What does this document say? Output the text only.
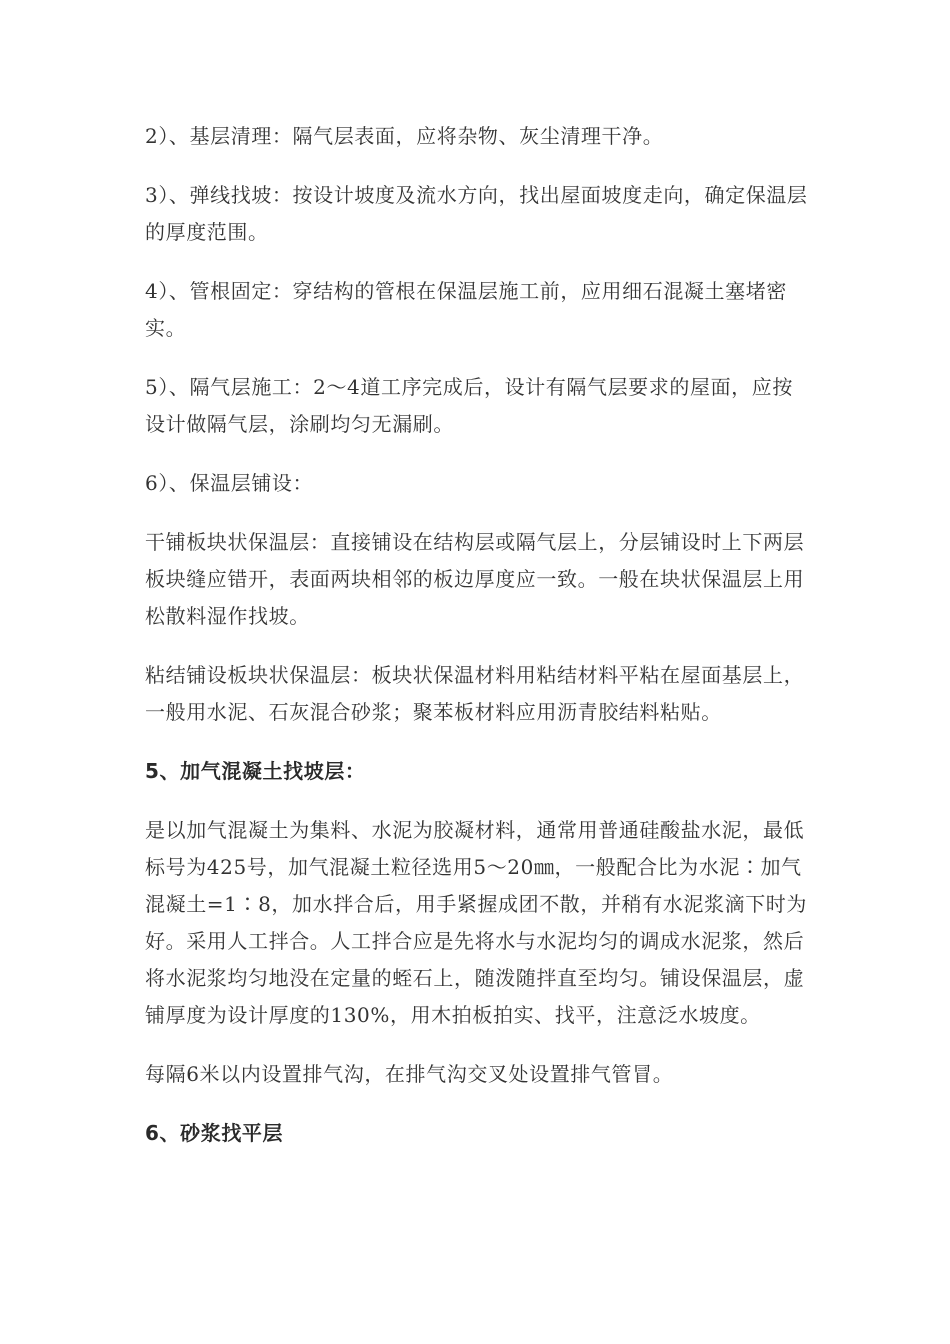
2）、基层清理：隔气层表面，应将杂物、灰尘清理干净。

3）、弹线找坡：按设计坡度及流水方向，找出屋面坡度走向，确定保温层的厚度范围。

4）、管根固定：穿结构的管根在保温层施工前，应用细石混凝土塞堵密实。

5）、隔气层施工：2～4道工序完成后，设计有隔气层要求的屋面，应按设计做隔气层，涂刷均匀无漏刷。

6）、保温层铺设：

干铺板块状保温层：直接铺设在结构层或隔气层上，分层铺设时上下两层板块缝应错开，表面两块相邻的板边厚度应一致。一般在块状保温层上用松散料湿作找坡。

粘结铺设板块状保温层：板块状保温材料用粘结材料平粘在屋面基层上，一般用水泥、石灰混合砂浆；聚苯板材料应用沥青胶结料粘贴。

5、加气混凝土找坡层：

是以加气混凝土为集料、水泥为胶凝材料，通常用普通硅酸盐水泥，最低标号为425号，加气混凝土粒径选用5～20㎜，一般配合比为水泥∶加气混凝土=1∶8，加水拌合后，用手紧握成团不散，并稍有水泥浆滴下时为好。采用人工拌合。人工拌合应是先将水与水泥均匀的调成水泥浆，然后将水泥浆均匀地没在定量的蛭石上，随泼随拌直至均匀。铺设保温层，虚铺厚度为设计厚度的130%，用木拍板拍实、找平，注意泛水坡度。

每隔6米以内设置排气沟，在排气沟交叉处设置排气管冒。

6、砂浆找平层
